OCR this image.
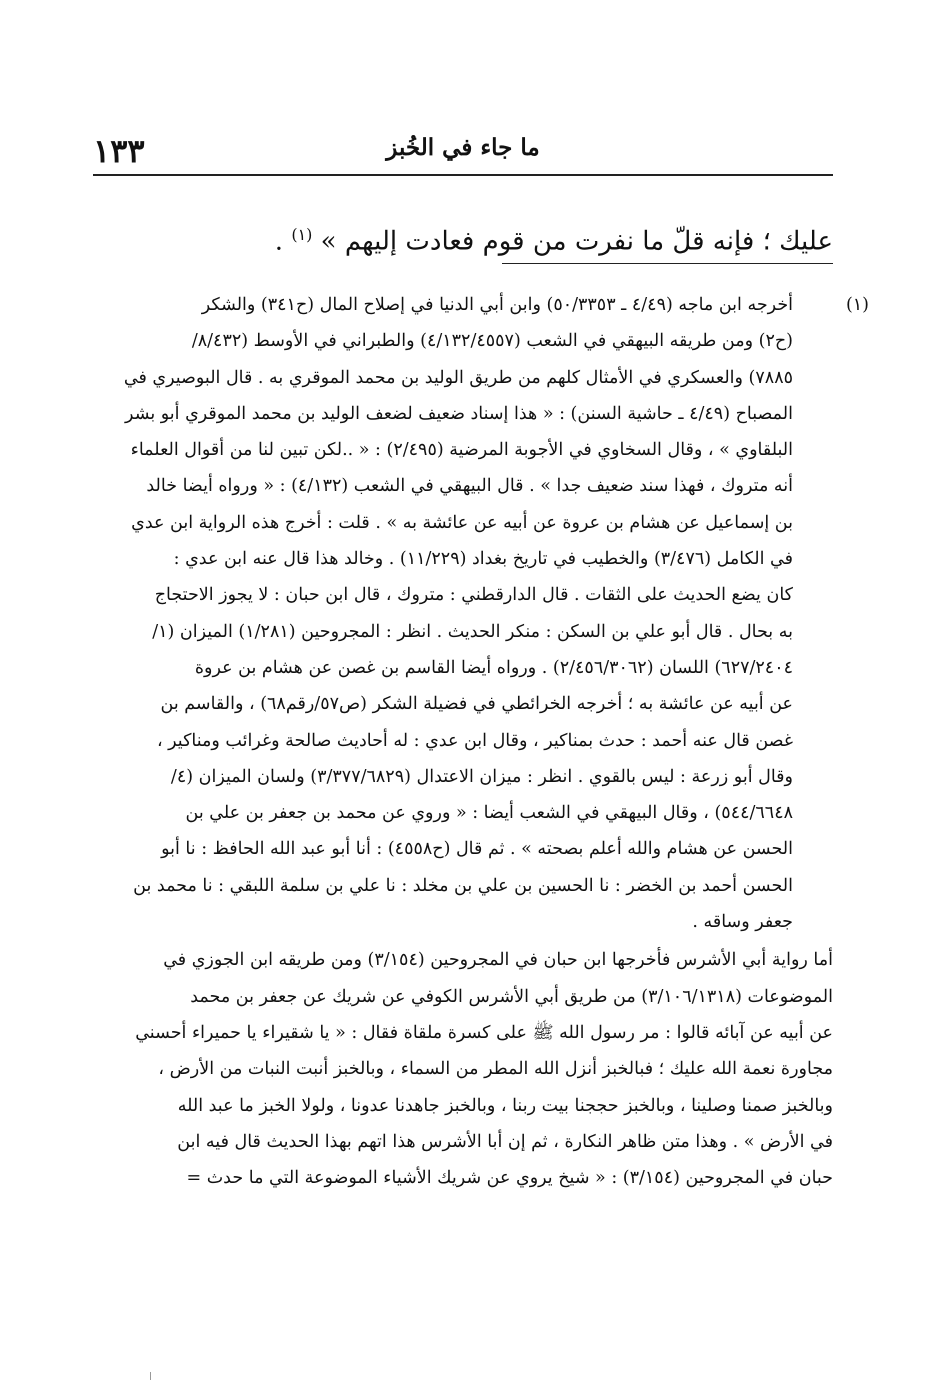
ما جاء في الخُبز
١٣٣
عليك ؛ فإنه قلّ ما نفرت من قوم فعادت إليهم » $^{(١)}$ .
(١)
أخرجه ابن ماجه (٤/٤٩ ـ ٥٠/٣٣٥٣) وابن أبي الدنيا في إصلاح المال (ح٣٤١) والشكر
(ح٢) ومن طريقه البيهقي في الشعب (٤/١٣٢/٤٥٥٧) والطبراني في الأوسط (٨/٤٣٢/
٧٨٨٥) والعسكري في الأمثال كلهم من طريق الوليد بن محمد الموقري به . قال البوصيري في
المصباح (٤/٤٩ ـ حاشية السنن) : « هذا إسناد ضعيف لضعف الوليد بن محمد الموقري أبو بشر
البلقاوي » ، وقال السخاوي في الأجوبة المرضية (٢/٤٩٥) : « ..لكن تبين لنا من أقوال العلماء
أنه متروك ، فهذا سند ضعيف جدا » . قال البيهقي في الشعب (٤/١٣٢) : « ورواه أيضا خالد
بن إسماعيل عن هشام بن عروة عن أبيه عن عائشة به » . قلت : أخرج هذه الرواية ابن عدي
في الكامل (٣/٤٧٦) والخطيب في تاريخ بغداد (١١/٢٢٩) . وخالد هذا قال عنه ابن عدي :
كان يضع الحديث على الثقات . قال الدارقطني : متروك ، قال ابن حبان : لا يجوز الاحتجاج
به بحال . قال أبو علي بن السكن : منكر الحديث . انظر : المجروحين (١/٢٨١) الميزان (١/
٦٢٧/٢٤٠٤) اللسان (٢/٤٥٦/٣٠٦٢) . ورواه أيضا القاسم بن غصن عن هشام بن عروة
عن أبيه عن عائشة به ؛ أخرجه الخرائطي في فضيلة الشكر (ص٥٧/رقم٦٨) ، والقاسم بن
غصن قال عنه أحمد : حدث بمناكير ، وقال ابن عدي : له أحاديث صالحة وغرائب ومناكير ،
وقال أبو زرعة : ليس بالقوي . انظر : ميزان الاعتدال (٣/٣٧٧/٦٨٢٩) ولسان الميزان (٤/
٥٤٤/٦٦٤٨) ، وقال البيهقي في الشعب أيضا : « وروي عن محمد بن جعفر بن علي بن
الحسن عن هشام والله أعلم بصحته » . ثم قال (ح٤٥٥٨) : أنا أبو عبد الله الحافظ : نا أبو
الحسن أحمد بن الخضر : نا الحسين بن علي بن مخلد : نا علي بن سلمة اللبقي : نا محمد بن
جعفر وساقه .
أما رواية أبي الأشرس فأخرجها ابن حبان في المجروحين (٣/١٥٤) ومن طريقه ابن الجوزي في
الموضوعات (٣/١٠٦/١٣١٨) من طريق أبي الأشرس الكوفي عن شريك عن جعفر بن محمد
عن أبيه عن آبائه قالوا : مر رسول الله ﷺ على كسرة ملقاة فقال : « يا شقيراء يا حميراء أحسني
مجاورة نعمة الله عليك ؛ فبالخبز أنزل الله المطر من السماء ، وبالخبز أنبت النبات من الأرض ،
وبالخبز صمنا وصلينا ، وبالخبز حججنا بيت ربنا ، وبالخبز جاهدنا عدونا ، ولولا الخبز ما عبد الله
في الأرض » . وهذا متن ظاهر النكارة ، ثم إن أبا الأشرس هذا اتهم بهذا الحديث قال فيه ابن
حبان في المجروحين (٣/١٥٤) : « شيخ يروي عن شريك الأشياء الموضوعة التي ما حدث =
